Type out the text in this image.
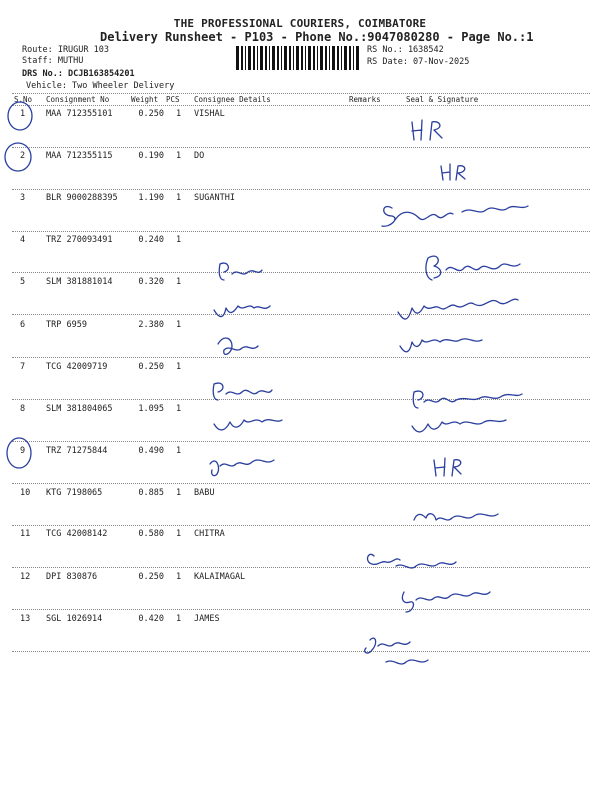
THE PROFESSIONAL COURIERS, COIMBATORE
Delivery Runsheet - P103 - Phone No.:9047080280 - Page No.:1
Route: IRUGUR 103
Staff: MUTHU
DRS No.: DCJB163854201
Vehicle: Two Wheeler Delivery
RS No.: 1638542
RS Date: 07-Nov-2025
S.No Consignment No	Weight PCS Consignee Details	Remarks	Seal & Signature
1	MAA 712355101	0.250 1 VISHAL
2	MAA 712355115	0.190 1 DO
3	BLR 9000288395	1.190 1 SUGANTHI
4	TRZ 270093491	0.240 1
5	SLM 381881014	0.320 1
6	TRP 6959	2.380 1
7	TCG 42009719	0.250 1
8	SLM 381804065	1.095 1
9	TRZ 71275844	0.490 1
10 KTG 7198065	0.885 1 BABU
11 TCG 42008142	0.580 1 CHITRA
12 DPI 830876	0.250 1 KALAIMAGAL
13 SGL 1026914	0.420 1 JAMES
